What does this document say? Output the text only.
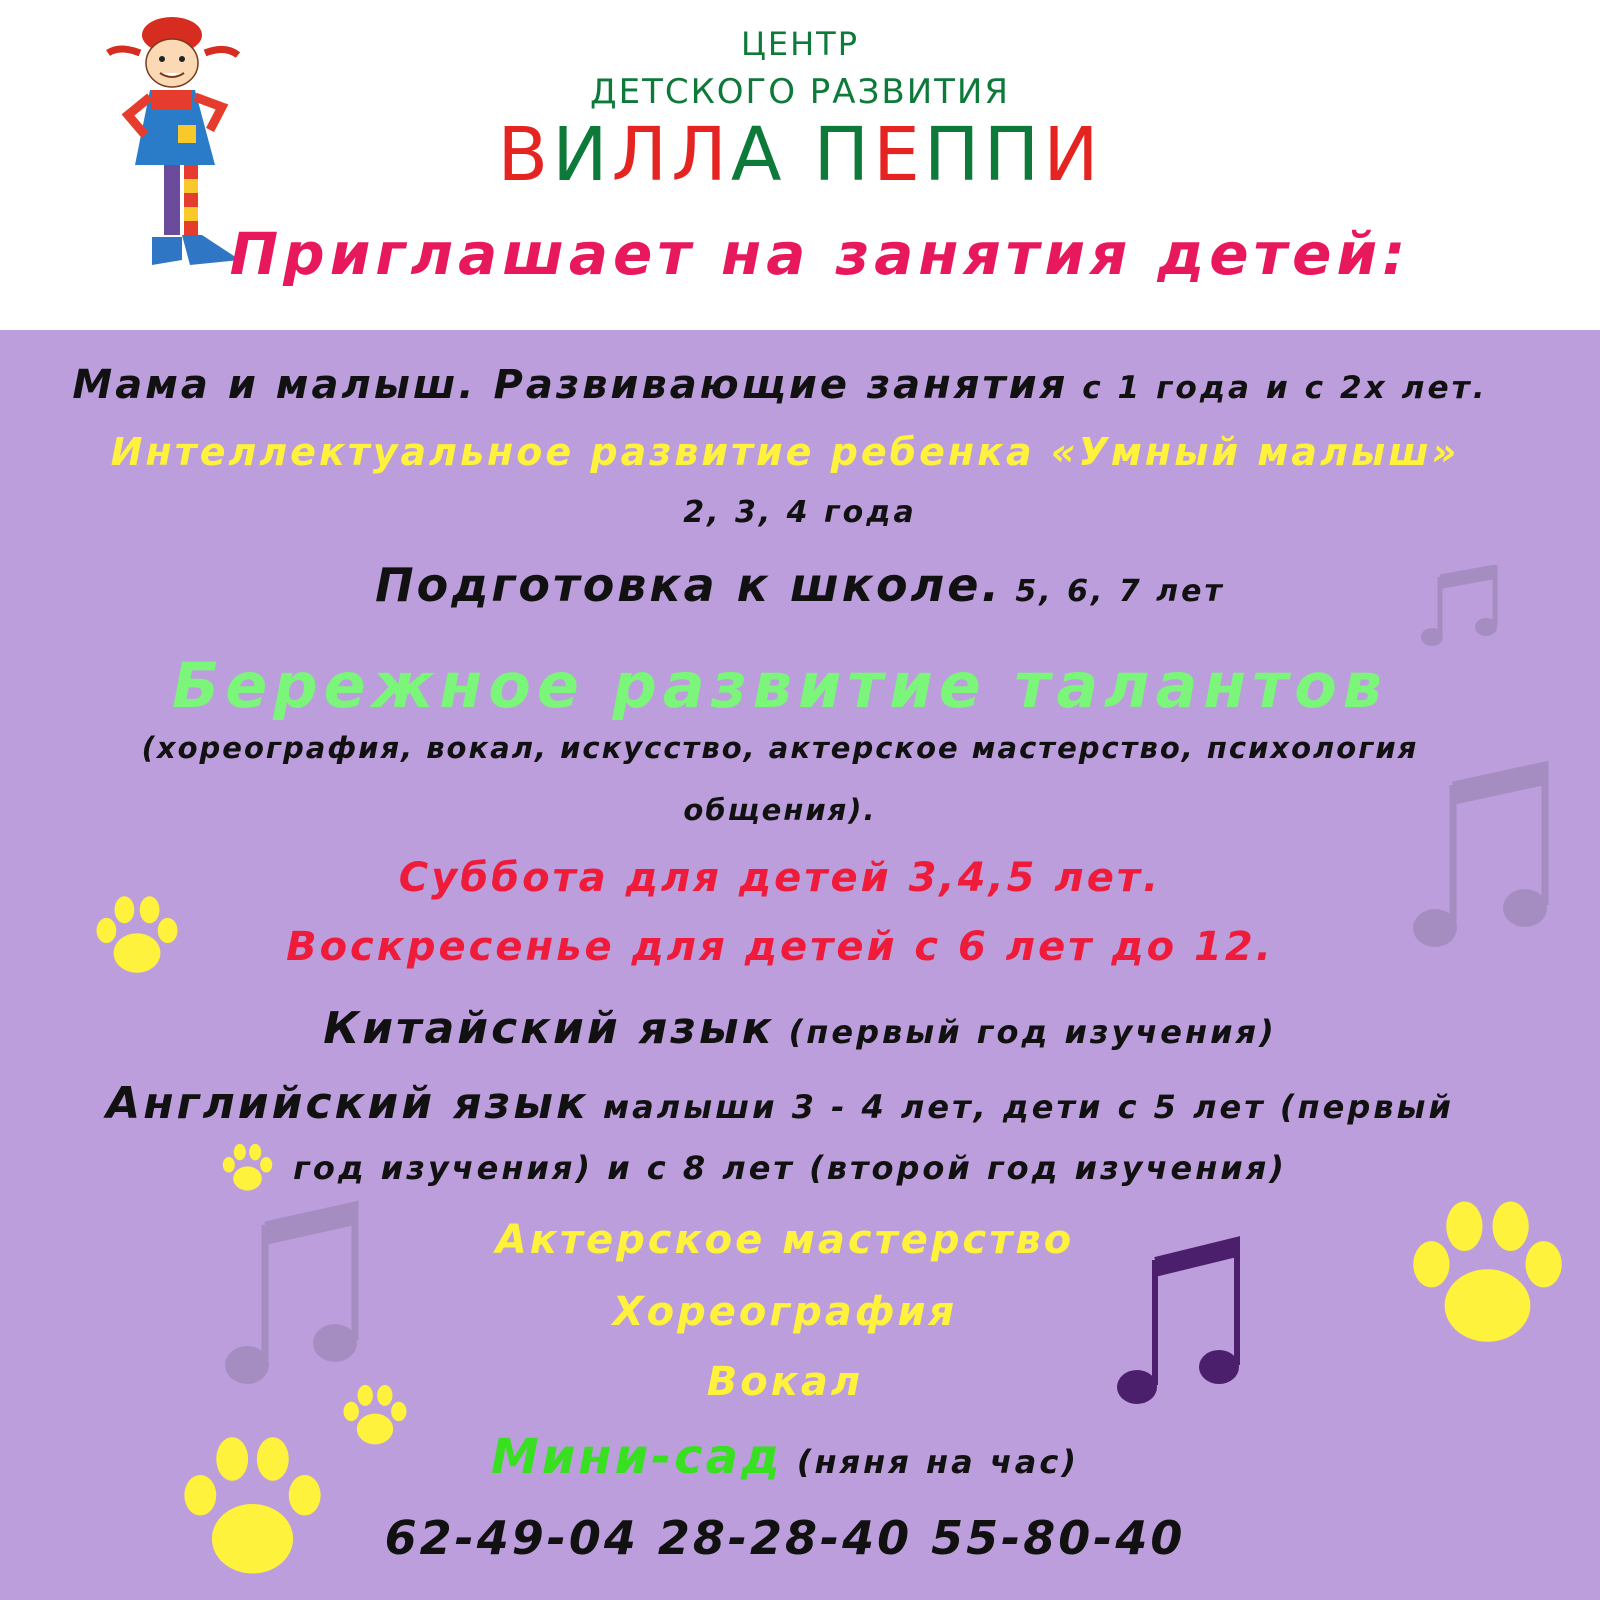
ЦЕНТР
ДЕТСКОГО РАЗВИТИЯ
ВИЛЛА ПЕППИ
Приглашает на занятия детей:
Мама и малыш. Развивающие занятия с 1 года и с 2х лет.
Интеллектуальное развитие ребенка «Умный малыш»
2, 3, 4 года
Подготовка к школе. 5, 6, 7 лет
Бережное развитие талантов
(хореография, вокал, искусство, актерское мастерство, психология
общения).
Суббота для детей 3,4,5 лет.
Воскресенье для детей с 6 лет до 12.
Китайский язык (первый год изучения)
Английский язык малыши 3 - 4 лет, дети с 5 лет (первый
год изучения) и с 8 лет (второй год изучения)
Актерское мастерство
Хореография
Вокал
Мини-сад (няня на час)
62-49-04 28-28-40 55-80-40
